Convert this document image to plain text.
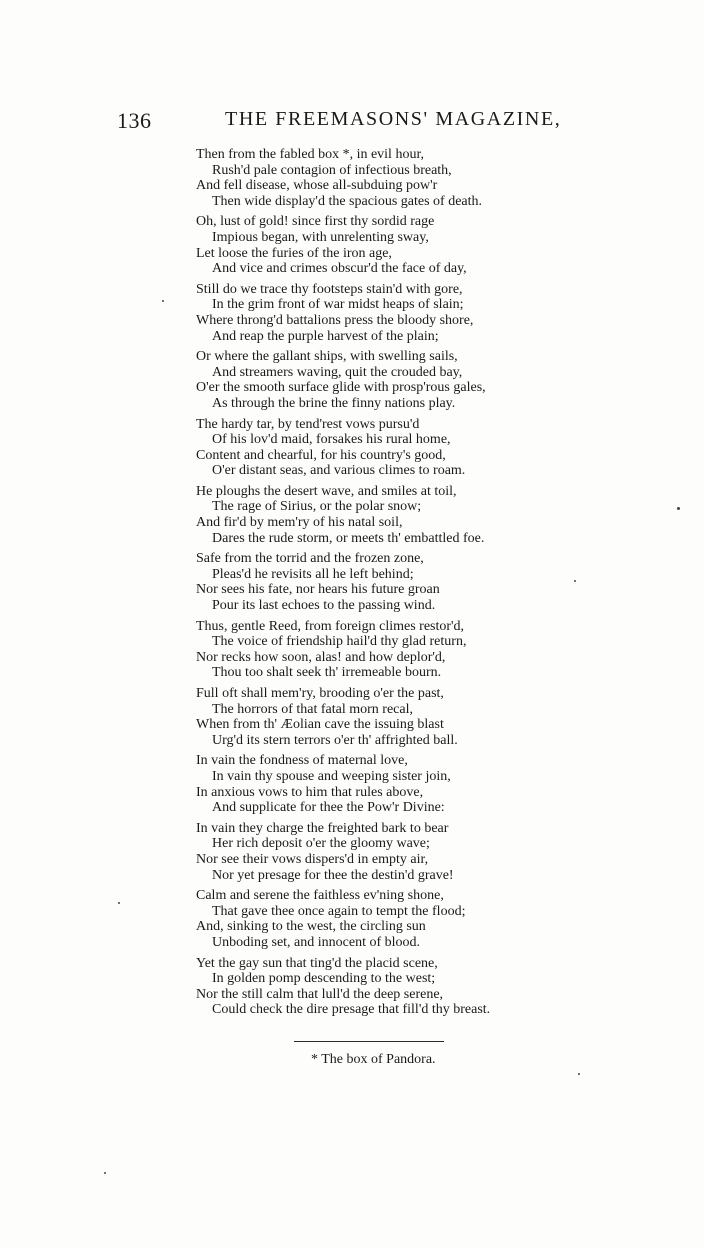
136	THE FREEMASONS' MAGAZINE,
Then from the fabled box *, in evil hour,
Rush'd pale contagion of infectious breath,
And fell disease, whose all-subduing pow'r
Then wide display'd the spacious gates of death.
Oh, lust of gold! since first thy sordid rage
Impious began, with unrelenting sway,
Let loose the furies of the iron age,
And vice and crimes obscur'd the face of day,
Still do we trace thy footsteps stain'd with gore,
In the grim front of war midst heaps of slain;
Where throng'd battalions press the bloody shore,
And reap the purple harvest of the plain;
Or where the gallant ships, with swelling sails,
And streamers waving, quit the crouded bay,
O'er the smooth surface glide with prosp'rous gales,
As through the brine the finny nations play.
The hardy tar, by tend'rest vows pursu'd
Of his lov'd maid, forsakes his rural home,
Content and chearful, for his country's good,
O'er distant seas, and various climes to roam.
He ploughs the desert wave, and smiles at toil,
The rage of Sirius, or the polar snow;
And fir'd by mem'ry of his natal soil,
Dares the rude storm, or meets th' embattled foe.
Safe from the torrid and the frozen zone,
Pleas'd he revisits all he left behind;
Nor sees his fate, nor hears his future groan
Pour its last echoes to the passing wind.
Thus, gentle Reed, from foreign climes restor'd,
The voice of friendship hail'd thy glad return,
Nor recks how soon, alas! and how deplor'd,
Thou too shalt seek th' irremeable bourn.
Full oft shall mem'ry, brooding o'er the past,
The horrors of that fatal morn recal,
When from th' Æolian cave the issuing blast
Urg'd its stern terrors o'er th' affrighted ball.
In vain the fondness of maternal love,
In vain thy spouse and weeping sister join,
In anxious vows to him that rules above,
And supplicate for thee the Pow'r Divine:
In vain they charge the freighted bark to bear
Her rich deposit o'er the gloomy wave;
Nor see their vows dispers'd in empty air,
Nor yet presage for thee the destin'd grave!
Calm and serene the faithless ev'ning shone,
That gave thee once again to tempt the flood;
And, sinking to the west, the circling sun
Unboding set, and innocent of blood.
Yet the gay sun that ting'd the placid scene,
In golden pomp descending to the west;
Nor the still calm that lull'd the deep serene,
Could check the dire presage that fill'd thy breast.
* The box of Pandora.
